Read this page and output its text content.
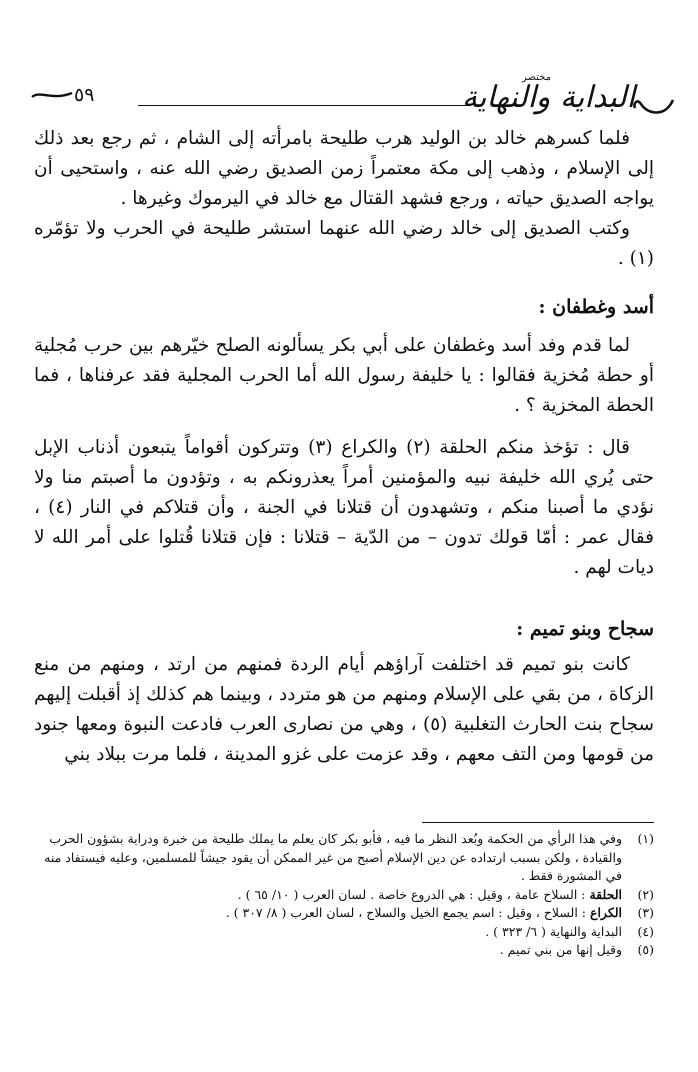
٥٩
مختصر
البداية والنهاية

فلما كسرهم خالد بن الوليد هرب طليحة بامرأته إلى الشام ، ثم رجع بعد ذلك إلى الإسلام ، وذهب إلى مكة معتمراً زمن الصديق رضي الله عنه ، واستحيى أن يواجه الصديق حياته ، ورجع فشهد القتال مع خالد في اليرموك وغيرها .

وكتب الصديق إلى خالد رضي الله عنهما استشر طليحة في الحرب ولا تؤمّره (١) .

أسد وغطفان :

لما قدم وفد أسد وغطفان على أبي بكر يسألونه الصلح خيّرهم بين حرب مُجلية أو حطة مُخزية فقالوا : يا خليفة رسول الله أما الحرب المجلية فقد عرفناها ، فما الحطة المخزية ؟ .

قال : تؤخذ منكم الحلقة (٢) والكراع (٣) وتتركون أقواماً يتبعون أذناب الإبل حتى يُري الله خليفة نبيه والمؤمنين أمراً يعذرونكم به ، وتؤدون ما أصبتم منا ولا نؤدي ما أصبنا منكم ، وتشهدون أن قتلانا في الجنة ، وأن قتلاكم في النار (٤) ، فقال عمر : أمّا قولك تدون – من الدّية – قتلانا : فإن قتلانا قُتلوا على أمر الله لا ديات لهم .

سجاح وبنو تميم :

كانت بنو تميم قد اختلفت آراؤهم أيام الردة فمنهم من ارتد ، ومنهم من منع الزكاة ، من بقي على الإسلام ومنهم من هو متردد ، وبينما هم كذلك إذ أقبلت إليهم سجاح بنت الحارث التغلبية (٥) ، وهي من نصارى العرب فادعت النبوة ومعها جنود من قومها ومن التف معهم ، وقد عزمت على غزو المدينة ، فلما مرت ببلاد بني

(١)
وفي هذا الرأي من الحكمة وبُعد النظر ما فيه ، فأبو بكر كان يعلم ما يملك طليحة من خبرة ودراية بشؤون الحرب والقيادة ، ولكن بسبب ارتداده عن دين الإسلام أصبح من غير الممكن أن يقود جيشاً للمسلمين، وعليه فيستفاد منه في المشورة فقط .
(٢)
الحلقة : السلاح عامة ، وقيل : هي الدروع خاصة . لسان العرب ( ١٠/ ٦٥ ) .
(٣)
الكراع : السلاح ، وقيل : اسم يجمع الخيل والسلاح ، لسان العرب ( ٨/ ٣٠٧ ) .
(٤)
البداية والنهاية ( ٦/ ٣٢٣ ) .
(٥)
وقيل إنها من بني تميم .
